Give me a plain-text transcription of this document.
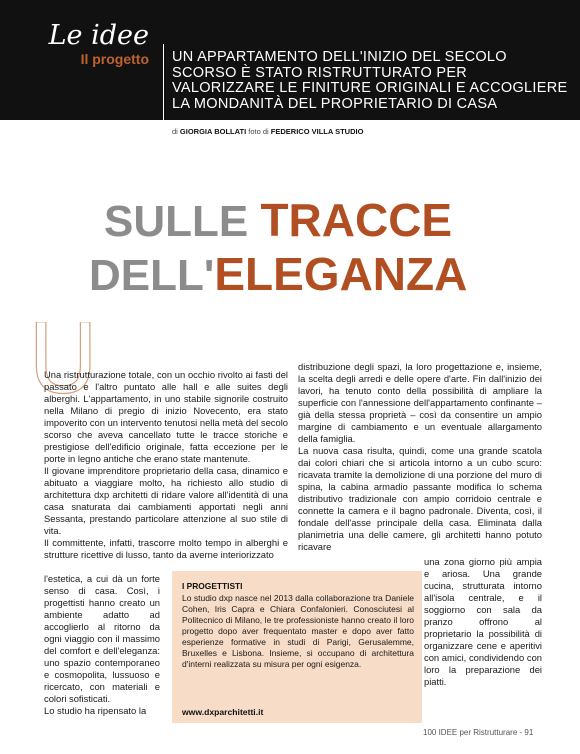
Le idee
Il progetto UN APPARTAMENTO DELL'INIZIO DEL SECOLO SCORSO È STATO RISTRUTTURATO PER VALORIZZARE LE FINITURE ORIGINALI E ACCOGLIERE LA MONDANITÀ DEL PROPRIETARIO DI CASA
di GIORGIA BOLLATI foto di FEDERICO VILLA STUDIO
SULLE TRACCE
DELL'ELEGANZA
U

Una ristrutturazione totale, con un occhio rivolto ai fasti del passato e l'altro puntato alle hall e alle suites degli alberghi. L'appartamento, in uno stabile signorile costruito nella Milano di pregio di inizio Novecento, era stato impoverito con un intervento tenutosi nella metà del secolo scorso che aveva cancellato tutte le tracce storiche e prestigiose dell'edificio originale, fatta eccezione per le porte in legno antiche che erano state mantenute.

Il giovane imprenditore proprietario della casa, dinamico e abituato a viaggiare molto, ha richiesto allo studio di architettura dxp architetti di ridare valore all'identità di una casa snaturata dai cambiamenti apportati negli anni Sessanta, prestando particolare attenzione al suo stile di vita.

Il committente, infatti, trascorre molto tempo in alberghi e strutture ricettive di lusso, tanto da averne interiorizzato

l'estetica, a cui dà un forte senso di casa. Così, i progettisti hanno creato un ambiente adatto ad accoglierlo al ritorno da ogni viaggio con il massimo del comfort e dell'eleganza: uno spazio contemporaneo e cosmopolita, lussuoso e ricercato, con materiali e colori sofisticati.

Lo studio ha ripensato la

distribuzione degli spazi, la loro progettazione e, insieme, la scelta degli arredi e delle opere d'arte. Fin dall'inizio dei lavori, ha tenuto conto della possibilità di ampliare la superficie con l'annessione dell'appartamento confinante – già della stessa proprietà – così da consentire un ampio margine di cambiamento e un eventuale allargamento della famiglia.

La nuova casa risulta, quindi, come una grande scatola dai colori chiari che si articola intorno a un cubo scuro: ricavata tramite la demolizione di una porzione del muro di spina, la cabina armadio passante modifica lo schema distributivo tradizionale con ampio corridoio centrale e connette la camera e il bagno padronale. Diventa, così, il fondale dell'asse principale della casa. Eliminata dalla planimetria una delle camere, gli architetti hanno potuto ricavare

una zona giorno più ampia e ariosa. Una grande cucina, strutturata intorno all'isola centrale, e il soggiorno con sala da pranzo offrono al proprietario la possibilità di organizzare cene e aperitivi con amici, condividendo con loro la preparazione dei piatti.

I PROGETTISTI
Lo studio dxp nasce nel 2013 dalla collaborazione tra Daniele Cohen, Iris Capra e Chiara Confalonieri. Conosciutesi al Politecnico di Milano, le tre professioniste hanno creato il loro progetto dopo aver frequentato master e dopo aver fatto esperienze formative in studi di Parigi, Gerusalemme, Bruxelles e Lisbona. Insieme, si occupano di architettura d'interni realizzata su misura per ogni esigenza.
www.dxparchitetti.it
100 IDEE per Ristrutturare - 91
